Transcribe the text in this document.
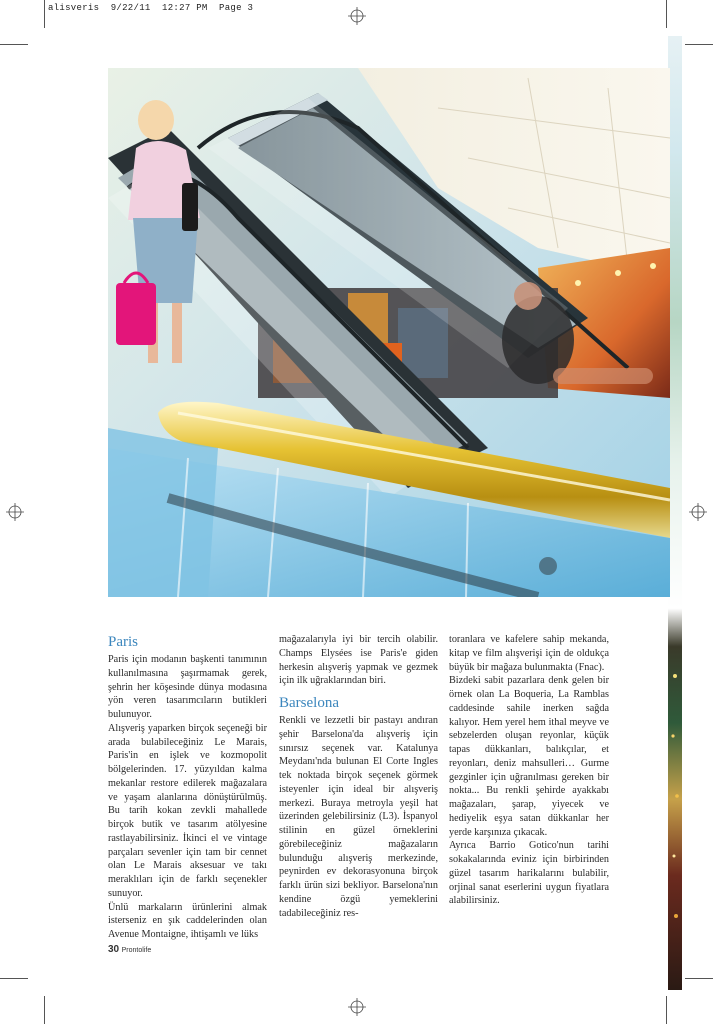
alisveris  9/22/11  12:27 PM  Page 3
Paris

Paris için modanın başkenti tanımının kullanılmasına şaşırmamak gerek, şehrin her köşesinde dünya modasına yön veren tasarımcıların butikleri bulunuyor.

Alışveriş yaparken birçok seçeneği bir arada bulabileceğiniz Le Marais, Paris'in en işlek ve kozmopolit bölgelerinden. 17. yüzyıldan kalma mekanlar restore edilerek mağazalara ve yaşam alanlarına dönüştürülmüş. Bu tarih kokan zevkli mahallede birçok butik ve tasarım atölyesine rastlayabilirsiniz. İkinci el ve vintage parçaları sevenler için tam bir cennet olan Le Marais aksesuar ve takı meraklıları için de farklı seçenekler sunuyor.

Ünlü markaların ürünlerini almak isterseniz en şık caddelerinden olan Avenue Montaigne, ihtişamlı ve lüks

mağazalarıyla iyi bir tercih olabilir. Champs Elysées ise Paris'e giden herkesin alışveriş yapmak ve gezmek için ilk uğraklarından biri.

Barselona

Renkli ve lezzetli bir pastayı andıran şehir Barselona'da alışveriş için sınırsız seçenek var. Katalunya Meydanı'nda bulunan El Corte Ingles tek noktada birçok seçenek görmek isteyenler için ideal bir alışveriş merkezi. Buraya metroyla yeşil hat üzerinden gelebilirsiniz (L3). İspanyol stilinin en güzel örneklerini görebileceğiniz mağazaların bulunduğu alışveriş merkezinde, peynirden ev dekorasyonuna birçok farklı ürün sizi bekliyor. Barselona'nın kendine özgü yemeklerini tadabileceğiniz res-

toranlara ve kafelere sahip mekanda, kitap ve film alışverişi için de oldukça büyük bir mağaza bulunmakta (Fnac).

Bizdeki sabit pazarlara denk gelen bir örnek olan La Boqueria, La Ramblas caddesinde sahile inerken sağda kalıyor. Hem yerel hem ithal meyve ve sebzelerden oluşan reyonlar, küçük tapas dükkanları, balıkçılar, et reyonları, deniz mahsulleri… Gurme gezginler için uğranılması gereken bir nokta... Bu renkli şehirde ayakkabı mağazaları, şarap, yiyecek ve hediyelik eşya satan dükkanlar her yerde karşınıza çıkacak.

Ayrıca Barrio Gotico'nun tarihi sokakalarında eviniz için birbirinden güzel tasarım harikalarını bulabilir, orjinal sanat eserlerini uygun fiyatlara alabilirsiniz.

30 Prontolife
